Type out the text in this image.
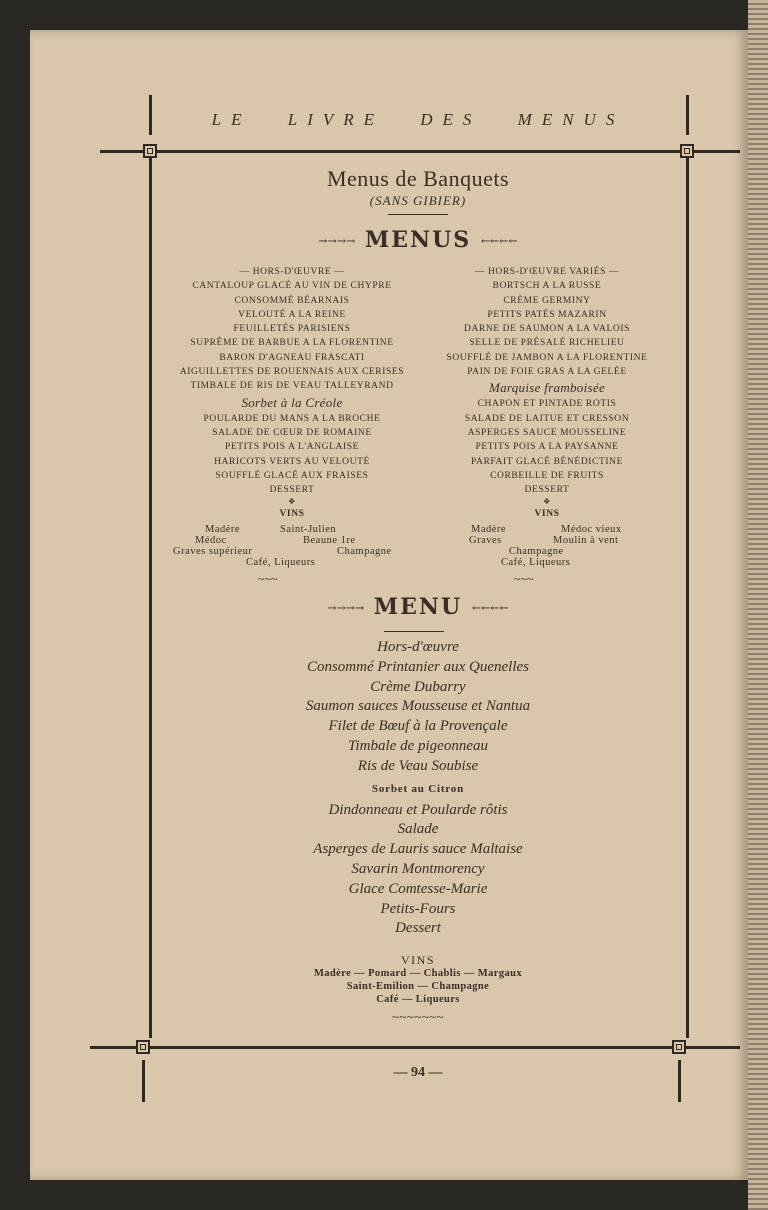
LE LIVRE DES MENUS
Menus de Banquets
(SANS GIBIER)
→→→→ MENUS ←←←←
— HORS-D'ŒUVRE —
CANTALOUP GLACÉ AU VIN DE CHYPRE
CONSOMMÉ BÉARNAIS
VELOUTÉ A LA REINE
FEUILLETÉS PARISIENS
SUPRÊME DE BARBUE A LA FLORENTINE
BARON D'AGNEAU FRASCATI
AIGUILLETTES DE ROUENNAIS AUX CERISES
TIMBALE DE RIS DE VEAU TALLEYRAND
Sorbet à la Créole
POULARDE DU MANS A LA BROCHE
SALADE DE CŒUR DE ROMAINE
PETITS POIS A L'ANGLAISE
HARICOTS VERTS AU VELOUTÉ
SOUFFLÉ GLACÉ AUX FRAISES
DESSERT
❖
VINS
Madère	Saint-Julien
Médoc	Beaune 1re
Graves supérieur	Champagne
Café, Liqueurs
~~~
— HORS-D'ŒUVRE VARIÉS —
BORTSCH A LA RUSSE
CRÈME GERMINY
PETITS PATÉS MAZARIN
DARNE DE SAUMON A LA VALOIS
SELLE DE PRÉSALÉ RICHELIEU
SOUFFLÉ DE JAMBON A LA FLORENTINE
PAIN DE FOIE GRAS A LA GELÉE
Marquise framboisée
CHAPON ET PINTADE ROTIS
SALADE DE LAITUE ET CRESSON
ASPERGES SAUCE MOUSSELINE
PETITS POIS A LA PAYSANNE
PARFAIT GLACÉ BÉNÉDICTINE
CORBEILLE DE FRUITS
DESSERT
❖
VINS
Madère	Médoc vieux
Graves	Moulin à vent
Champagne
Café, Liqueurs
~~~
→→→→ MENU ←←←←
Hors-d'œuvre
Consommé Printanier aux Quenelles
Crème Dubarry
Saumon sauces Mousseuse et Nantua
Filet de Bœuf à la Provençale
Timbale de pigeonneau
Ris de Veau Soubise
Sorbet au Citron
Dindonneau et Poularde rôtis
Salade
Asperges de Lauris sauce Maltaise
Savarin Montmorency
Glace Comtesse-Marie
Petits-Fours
Dessert
VINS
Madère — Pomard — Chablis — Margaux
Saint-Emilion — Champagne
Café — Liqueurs
~~~~~~~
— 94 —
